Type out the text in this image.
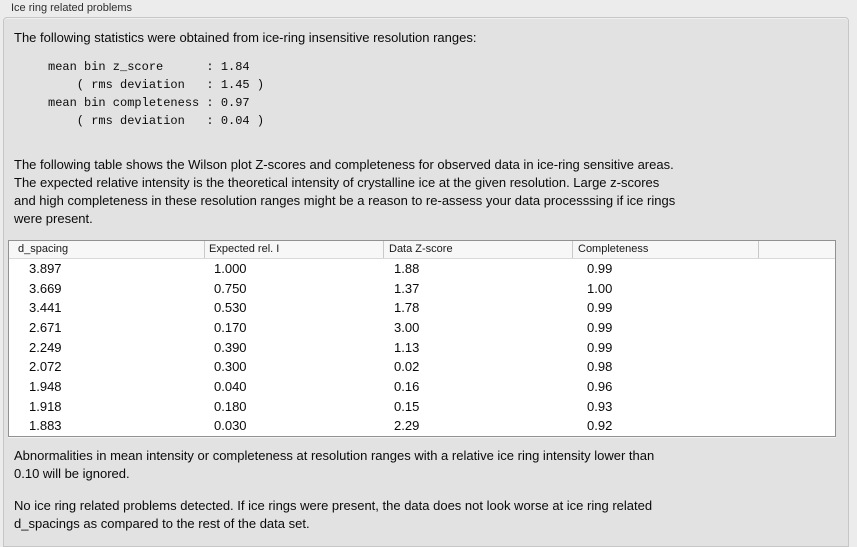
Ice ring related problems
The following statistics were obtained from ice-ring insensitive resolution ranges:
mean bin z_score      : 1.84
( rms deviation   : 1.45 )
mean bin completeness : 0.97
( rms deviation   : 0.04 )
The following table shows the Wilson plot Z-scores and completeness for observed data in ice-ring sensitive areas.
The expected relative intensity is the theoretical intensity of crystalline ice at the given resolution. Large z-scores
and high completeness in these resolution ranges might be a reason to re-assess your data processsing if ice rings
were present.
d_spacing	Expected rel. I	Data Z-score	Completeness
3.897	1.000	1.88	0.99
3.669	0.750	1.37	1.00
3.441	0.530	1.78	0.99
2.671	0.170	3.00	0.99
2.249	0.390	1.13	0.99
2.072	0.300	0.02	0.98
1.948	0.040	0.16	0.96
1.918	0.180	0.15	0.93
1.883	0.030	2.29	0.92
Abnormalities in mean intensity or completeness at resolution ranges with a relative ice ring intensity lower than
0.10 will be ignored.
No ice ring related problems detected. If ice rings were present, the data does not look worse at ice ring related
d_spacings as compared to the rest of the data set.
